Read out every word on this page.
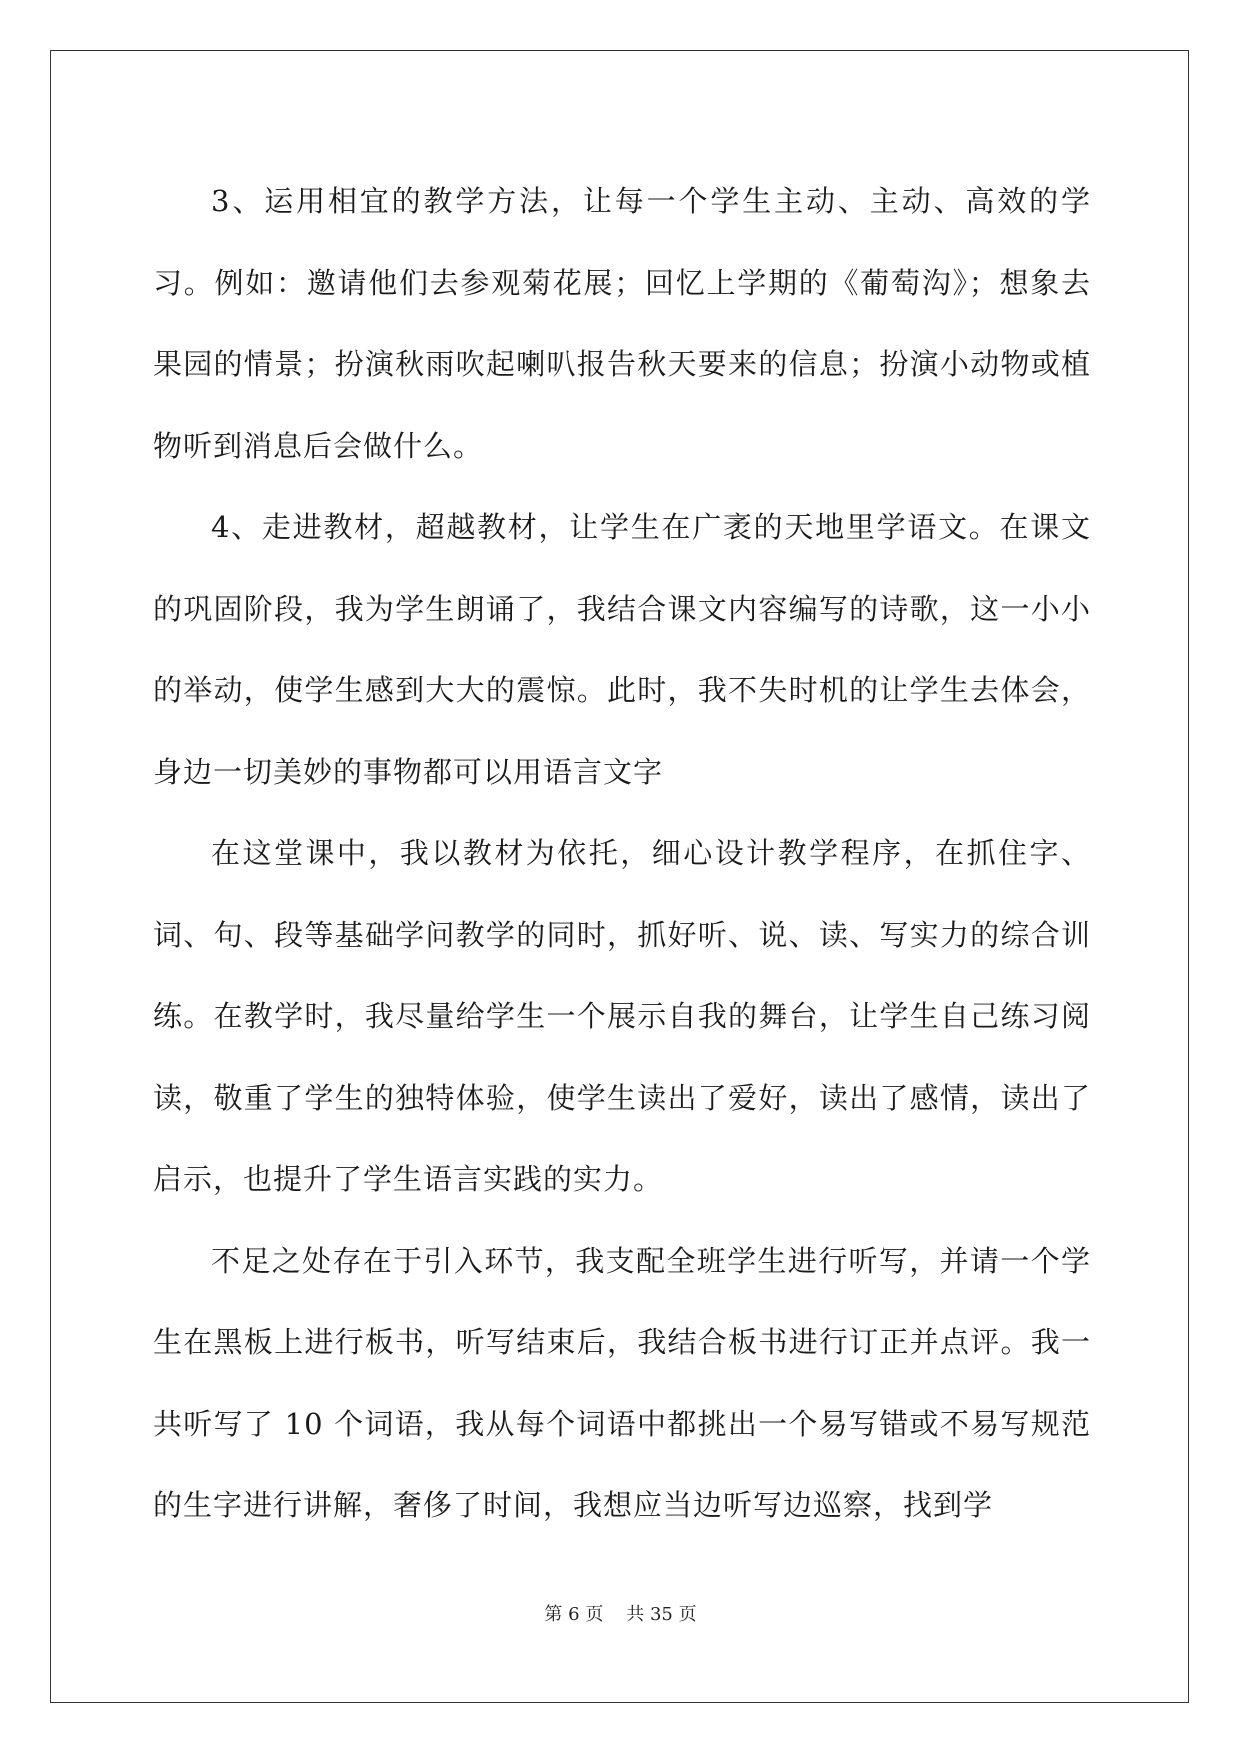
3、运用相宜的教学方法，让每一个学生主动、主动、高效的学习。例如：邀请他们去参观菊花展；回忆上学期的《葡萄沟》；想象去果园的情景；扮演秋雨吹起喇叭报告秋天要来的信息；扮演小动物或植物听到消息后会做什么。

4、走进教材，超越教材，让学生在广袤的天地里学语文。在课文的巩固阶段，我为学生朗诵了，我结合课文内容编写的诗歌，这一小小的举动，使学生感到大大的震惊。此时，我不失时机的让学生去体会，身边一切美妙的事物都可以用语言文字

在这堂课中，我以教材为依托，细心设计教学程序，在抓住字、词、句、段等基础学问教学的同时，抓好听、说、读、写实力的综合训练。在教学时，我尽量给学生一个展示自我的舞台，让学生自己练习阅读，敬重了学生的独特体验，使学生读出了爱好，读出了感情，读出了启示，也提升了学生语言实践的实力。

不足之处存在于引入环节，我支配全班学生进行听写，并请一个学生在黑板上进行板书，听写结束后，我结合板书进行订正并点评。我一共听写了 10 个词语，我从每个词语中都挑出一个易写错或不易写规范的生字进行讲解，奢侈了时间，我想应当边听写边巡察，找到学

第 6 页 共 35 页
